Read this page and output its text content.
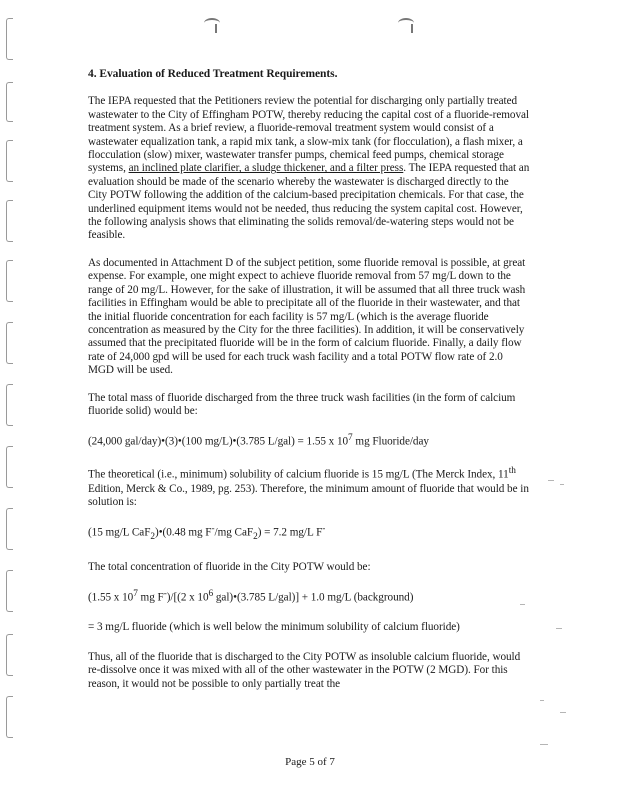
4. Evaluation of Reduced Treatment Requirements.

The IEPA requested that the Petitioners review the potential for discharging only partially treated wastewater to the City of Effingham POTW, thereby reducing the capital cost of a fluoride-removal treatment system. As a brief review, a fluoride-removal treatment system would consist of a wastewater equalization tank, a rapid mix tank, a slow-mix tank (for flocculation), a flash mixer, a flocculation (slow) mixer, wastewater transfer pumps, chemical feed pumps, chemical storage systems, an inclined plate clarifier, a sludge thickener, and a filter press. The IEPA requested that an evaluation should be made of the scenario whereby the wastewater is discharged directly to the City POTW following the addition of the calcium-based precipitation chemicals. For that case, the underlined equipment items would not be needed, thus reducing the system capital cost. However, the following analysis shows that eliminating the solids removal/de-watering steps would not be feasible.

As documented in Attachment D of the subject petition, some fluoride removal is possible, at great expense. For example, one might expect to achieve fluoride removal from 57 mg/L down to the range of 20 mg/L. However, for the sake of illustration, it will be assumed that all three truck wash facilities in Effingham would be able to precipitate all of the fluoride in their wastewater, and that the initial fluoride concentration for each facility is 57 mg/L (which is the average fluoride concentration as measured by the City for the three facilities). In addition, it will be conservatively assumed that the precipitated fluoride will be in the form of calcium fluoride. Finally, a daily flow rate of 24,000 gpd will be used for each truck wash facility and a total POTW flow rate of 2.0 MGD will be used.

The total mass of fluoride discharged from the three truck wash facilities (in the form of calcium fluoride solid) would be:

(24,000 gal/day)•(3)•(100 mg/L)•(3.785 L/gal) = 1.55 x $10^7$ mg Fluoride/day

The theoretical (i.e., minimum) solubility of calcium fluoride is 15 mg/L (The Merck Index, 11th Edition, Merck & Co., 1989, pg. 253). Therefore, the minimum amount of fluoride that would be in solution is:

(15 mg/L CaF$_2$)•(0.48 mg F-/mg CaF$_2$) = 7.2 mg/L F-

The total concentration of fluoride in the City POTW would be:

(1.55 x $10^7$ mg F-)/[(2 x $10^6$ gal)•(3.785 L/gal)] + 1.0 mg/L (background)

= 3 mg/L fluoride (which is well below the minimum solubility of calcium fluoride)

Thus, all of the fluoride that is discharged to the City POTW as insoluble calcium fluoride, would re-dissolve once it was mixed with all of the other wastewater in the POTW (2 MGD). For this reason, it would not be possible to only partially treat the

Page 5 of 7
